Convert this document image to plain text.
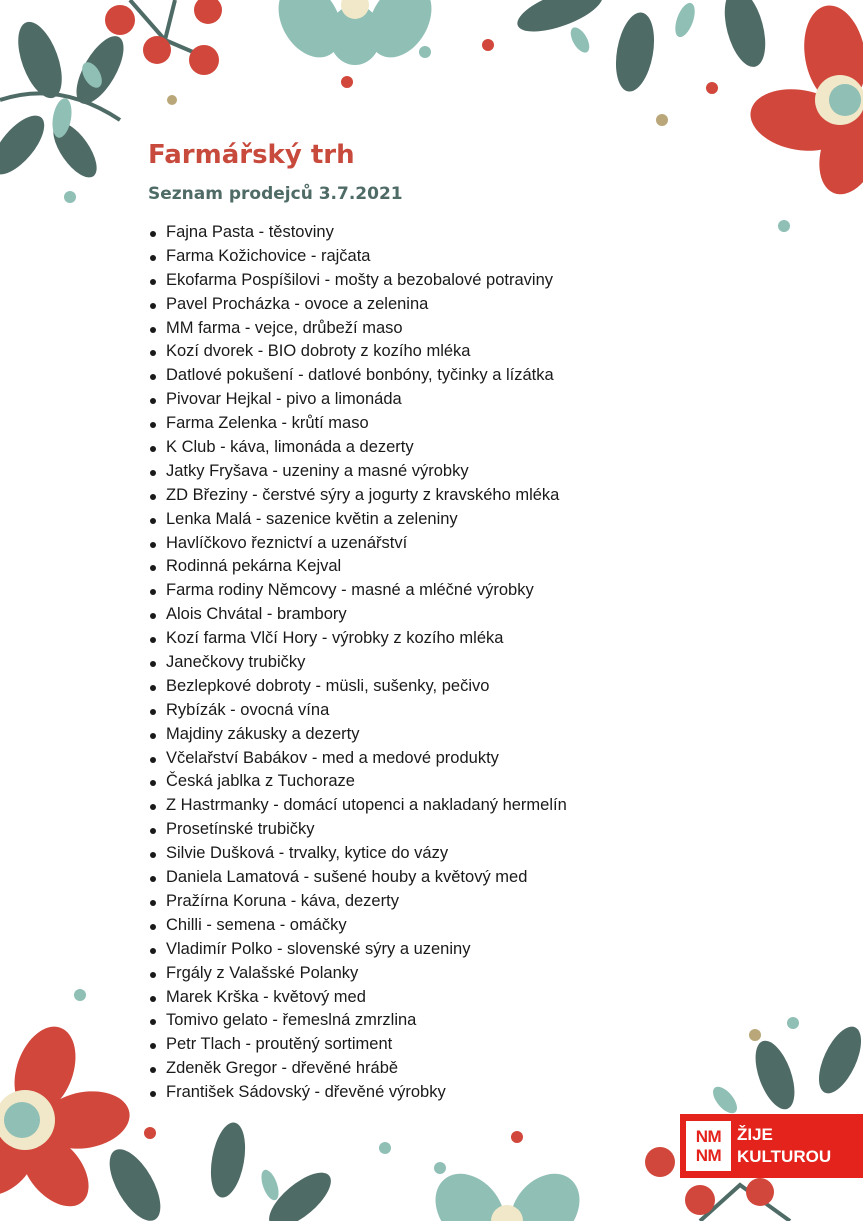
Farmářský trh
Seznam prodejců 3.7.2021
Fajna Pasta - těstoviny
Farma Kožichovice - rajčata
Ekofarma Pospíšilovi - mošty a bezobalové potraviny
Pavel Procházka - ovoce a zelenina
MM farma - vejce, drůbeží maso
Kozí dvorek - BIO dobroty z kozího mléka
Datlové pokušení - datlové bonbóny, tyčinky a lízátka
Pivovar Hejkal - pivo a limonáda
Farma Zelenka - krůtí maso
K Club - káva, limonáda a dezerty
Jatky Fryšava - uzeniny a masné výrobky
ZD Březiny - čerstvé sýry a jogurty z kravského mléka
Lenka Malá - sazenice květin a zeleniny
Havlíčkovo řeznictví a uzenářství
Rodinná pekárna Kejval
Farma rodiny Němcovy - masné a mléčné výrobky
Alois Chvátal - brambory
Kozí farma Vlčí Hory - výrobky z kozího mléka
Janečkovy trubičky
Bezlepkové dobroty - müsli, sušenky, pečivo
Rybízák - ovocná vína
Majdiny zákusky a dezerty
Včelařství Babákov - med a medové produkty
Česká jablka z Tuchoraze
Z Hastrmanky - domácí utopenci a nakladaný hermelín
Prosetínské trubičky
Silvie Dušková - trvalky, kytice do vázy
Daniela Lamatová - sušené houby a květový med
Pražírna Koruna - káva, dezerty
Chilli - semena - omáčky
Vladimír Polko - slovenské sýry a uzeniny
Frgály z Valašské Polanky
Marek Krška - květový med
Tomivo gelato - řemeslná zmrzlina
Petr Tlach - proutěný sortiment
Zdeněk Gregor - dřevěné hrábě
František Sádovský - dřevěné výrobky
NM
NM
ŽIJE
KULTUROU
